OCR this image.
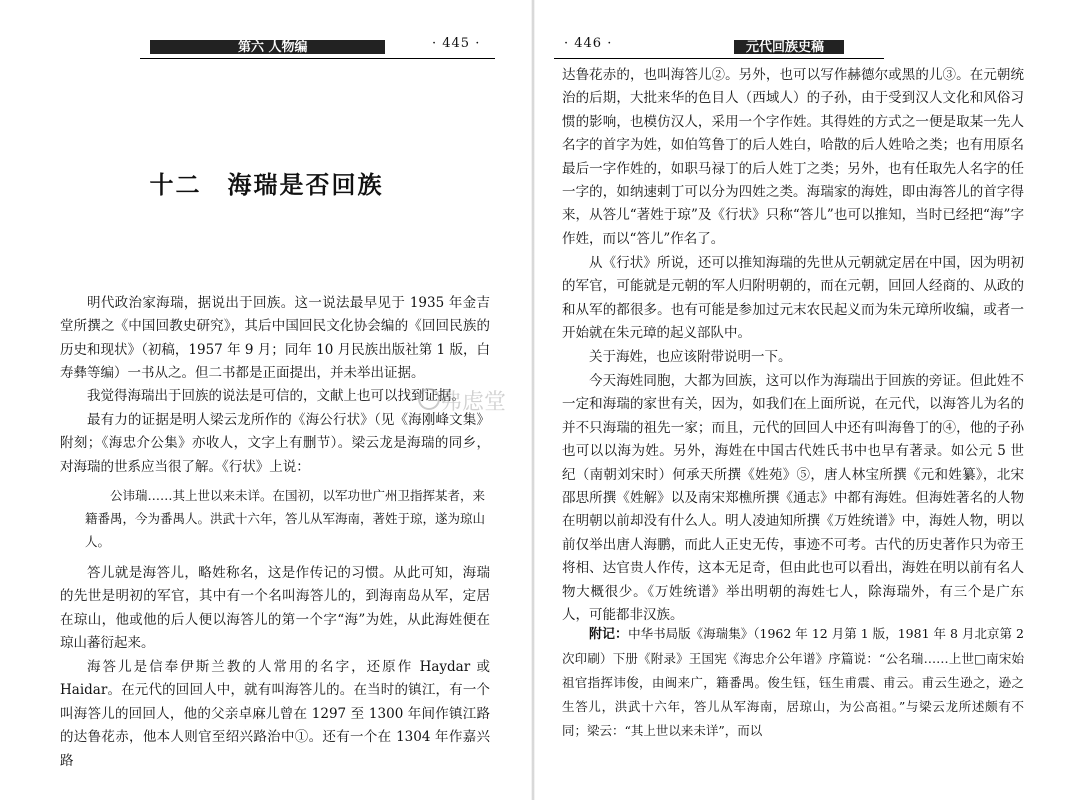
第六 人物编	· 445 ·
十二　海瑞是否回族

明代政治家海瑞，据说出于回族。这一说法最早见于 1935 年金吉堂所撰之《中国回教史研究》，其后中国回民文化协会编的《回回民族的历史和现状》（初稿，1957 年 9 月；同年 10 月民族出版社第 1 版，白寿彝等编）一书从之。但二书都是正面提出，并未举出证据。

我觉得海瑞出于回族的说法是可信的，文献上也可以找到证据。

最有力的证据是明人梁云龙所作的《海公行状》（见《海刚峰文集》附刻；《海忠介公集》亦收人，文字上有删节）。梁云龙是海瑞的同乡，对海瑞的世系应当很了解。《行状》上说：

公讳瑞……其上世以来未详。在国初，以军功世广州卫指挥某者，来籍番禺，今为番禺人。洪武十六年，答儿从军海南，著姓于琼，遂为琼山人。

答儿就是海答儿，略姓称名，这是作传记的习惯。从此可知，海瑞的先世是明初的军官，其中有一个名叫海答儿的，到海南岛从军，定居在琼山，他或他的后人便以海答儿的第一个字“海”为姓，从此海姓便在琼山蕃衍起来。

海答儿是信奉伊斯兰教的人常用的名字，还原作 Haydar 或 Haidar。在元代的回回人中，就有叫海答儿的。在当时的镇江，有一个叫海答儿的回回人，他的父亲卓麻儿曾在 1297 至 1300 年间作镇江路的达鲁花赤，他本人则官至绍兴路治中①。还有一个在 1304 年作嘉兴路

· 446 ·	元代回族史稿

达鲁花赤的，也叫海答儿②。另外，也可以写作赫德尔或黑的儿③。在元朝统治的后期，大批来华的色目人（西域人）的子孙，由于受到汉人文化和风俗习惯的影响，也模仿汉人，采用一个字作姓。其得姓的方式之一便是取某一先人名字的首字为姓，如伯笃鲁丁的后人姓白，哈散的后人姓哈之类；也有用原名最后一字作姓的，如职马禄丁的后人姓丁之类；另外，也有任取先人名字的任一字的，如纳速剌丁可以分为四姓之类。海瑞家的海姓，即由海答儿的首字得来，从答儿“著姓于琼”及《行状》只称“答儿”也可以推知，当时已经把“海”字作姓，而以“答儿”作名了。

从《行状》所说，还可以推知海瑞的先世从元朝就定居在中国，因为明初的军官，可能就是元朝的军人归附明朝的，而在元朝，回回人经商的、从政的和从军的都很多。也有可能是参加过元末农民起义而为朱元璋所收编，或者一开始就在朱元璋的起义部队中。

关于海姓，也应该附带说明一下。

今天海姓同胞，大都为回族，这可以作为海瑞出于回族的旁证。但此姓不一定和海瑞的家世有关，因为，如我们在上面所说，在元代，以海答儿为名的并不只海瑞的祖先一家；而且，元代的回回人中还有叫海鲁丁的④，他的子孙也可以以海为姓。另外，海姓在中国古代姓氏书中也早有著录。如公元 5 世纪（南朝刘宋时）何承天所撰《姓苑》⑤，唐人林宝所撰《元和姓纂》，北宋邵思所撰《姓解》以及南宋郑樵所撰《通志》中都有海姓。但海姓著名的人物在明朝以前却没有什么人。明人凌迪知所撰《万姓统谱》中，海姓人物，明以前仅举出唐人海鹏，而此人正史无传，事迹不可考。古代的历史著作只为帝王将相、达官贵人作传，这本无足奇，但由此也可以看出，海姓在明以前有名人物大概很少。《万姓统谱》举出明朝的海姓七人，除海瑞外，有三个是广东人，可能都非汉族。

附记：中华书局版《海瑞集》（1962 年 12 月第 1 版，1981 年 8 月北京第 2 次印刷）下册《附录》王国宪《海忠介公年谱》序篇说：“公名瑞……上世□南宋始祖官指挥讳俊，由闽来广，籍番禺。俊生钰，钰生甫震、甫云。甫云生逊之，逊之生答儿，洪武十六年，答儿从军海南，居琼山，为公高祖。”与梁云龙所述颇有不同；梁云：“其上世以来未详”，而以

弗虑堂
